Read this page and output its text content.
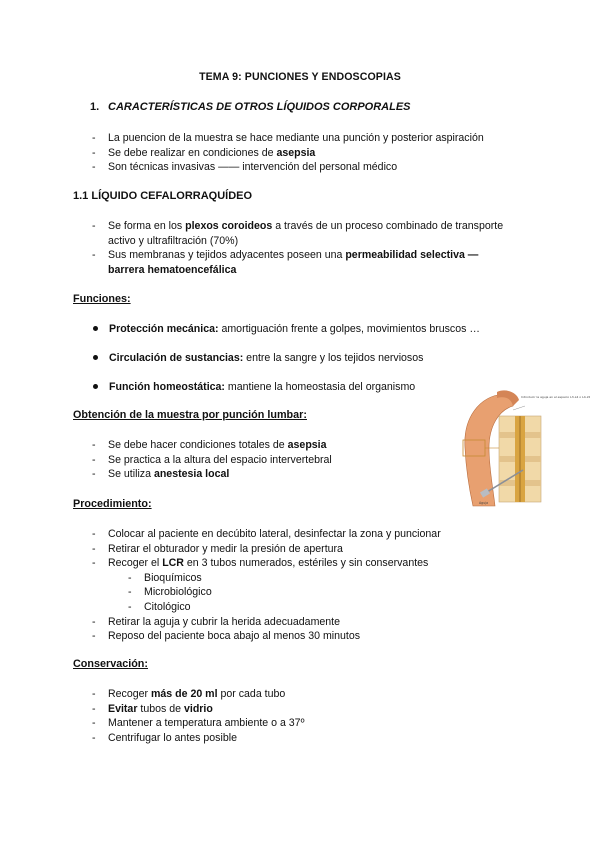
TEMA 9: PUNCIONES Y ENDOSCOPIAS
1. CARACTERÍSTICAS DE OTROS LÍQUIDOS CORPORALES
- La puencion de la muestra se hace mediante una punción y posterior aspiración
- Se debe realizar en condiciones de asepsia
- Son técnicas invasivas —— intervención del personal médico
1.1 LÍQUIDO CEFALORRAQUÍDEO
- Se forma en los plexos coroideos a través de un proceso combinado de transporte activo y ultrafiltración (70%)
- Sus membranas y tejidos adyacentes poseen una permeabilidad selectiva —
barrera hematoencefálica
Funciones:
Protección mecánica: amortiguación frente a golpes, movimientos bruscos …
Circulación de sustancias: entre la sangre y los tejidos nerviosos
Función homeostática: mantiene la homeostasia del organismo
Obtención de la muestra por punción lumbar:
- Se debe hacer condiciones totales de asepsia
- Se practica a la altura del espacio intervertebral
- Se utiliza anestesia local
Introducir la aguja en el espacio L3-L4 o L4-L5
Aguja
Procedimiento:
- Colocar al paciente en decúbito lateral, desinfectar la zona y puncionar
- Retirar el obturador y medir la presión de apertura
- Recoger el LCR en 3 tubos numerados, estériles y sin conservantes
- Bioquímicos
- Microbiológico
- Citológico
- Retirar la aguja y cubrir la herida adecuadamente
- Reposo del paciente boca abajo al menos 30 minutos
Conservación:
- Recoger más de 20 ml por cada tubo
- Evitar tubos de vidrio
- Mantener a temperatura ambiente o a 37º
- Centrifugar lo antes posible
